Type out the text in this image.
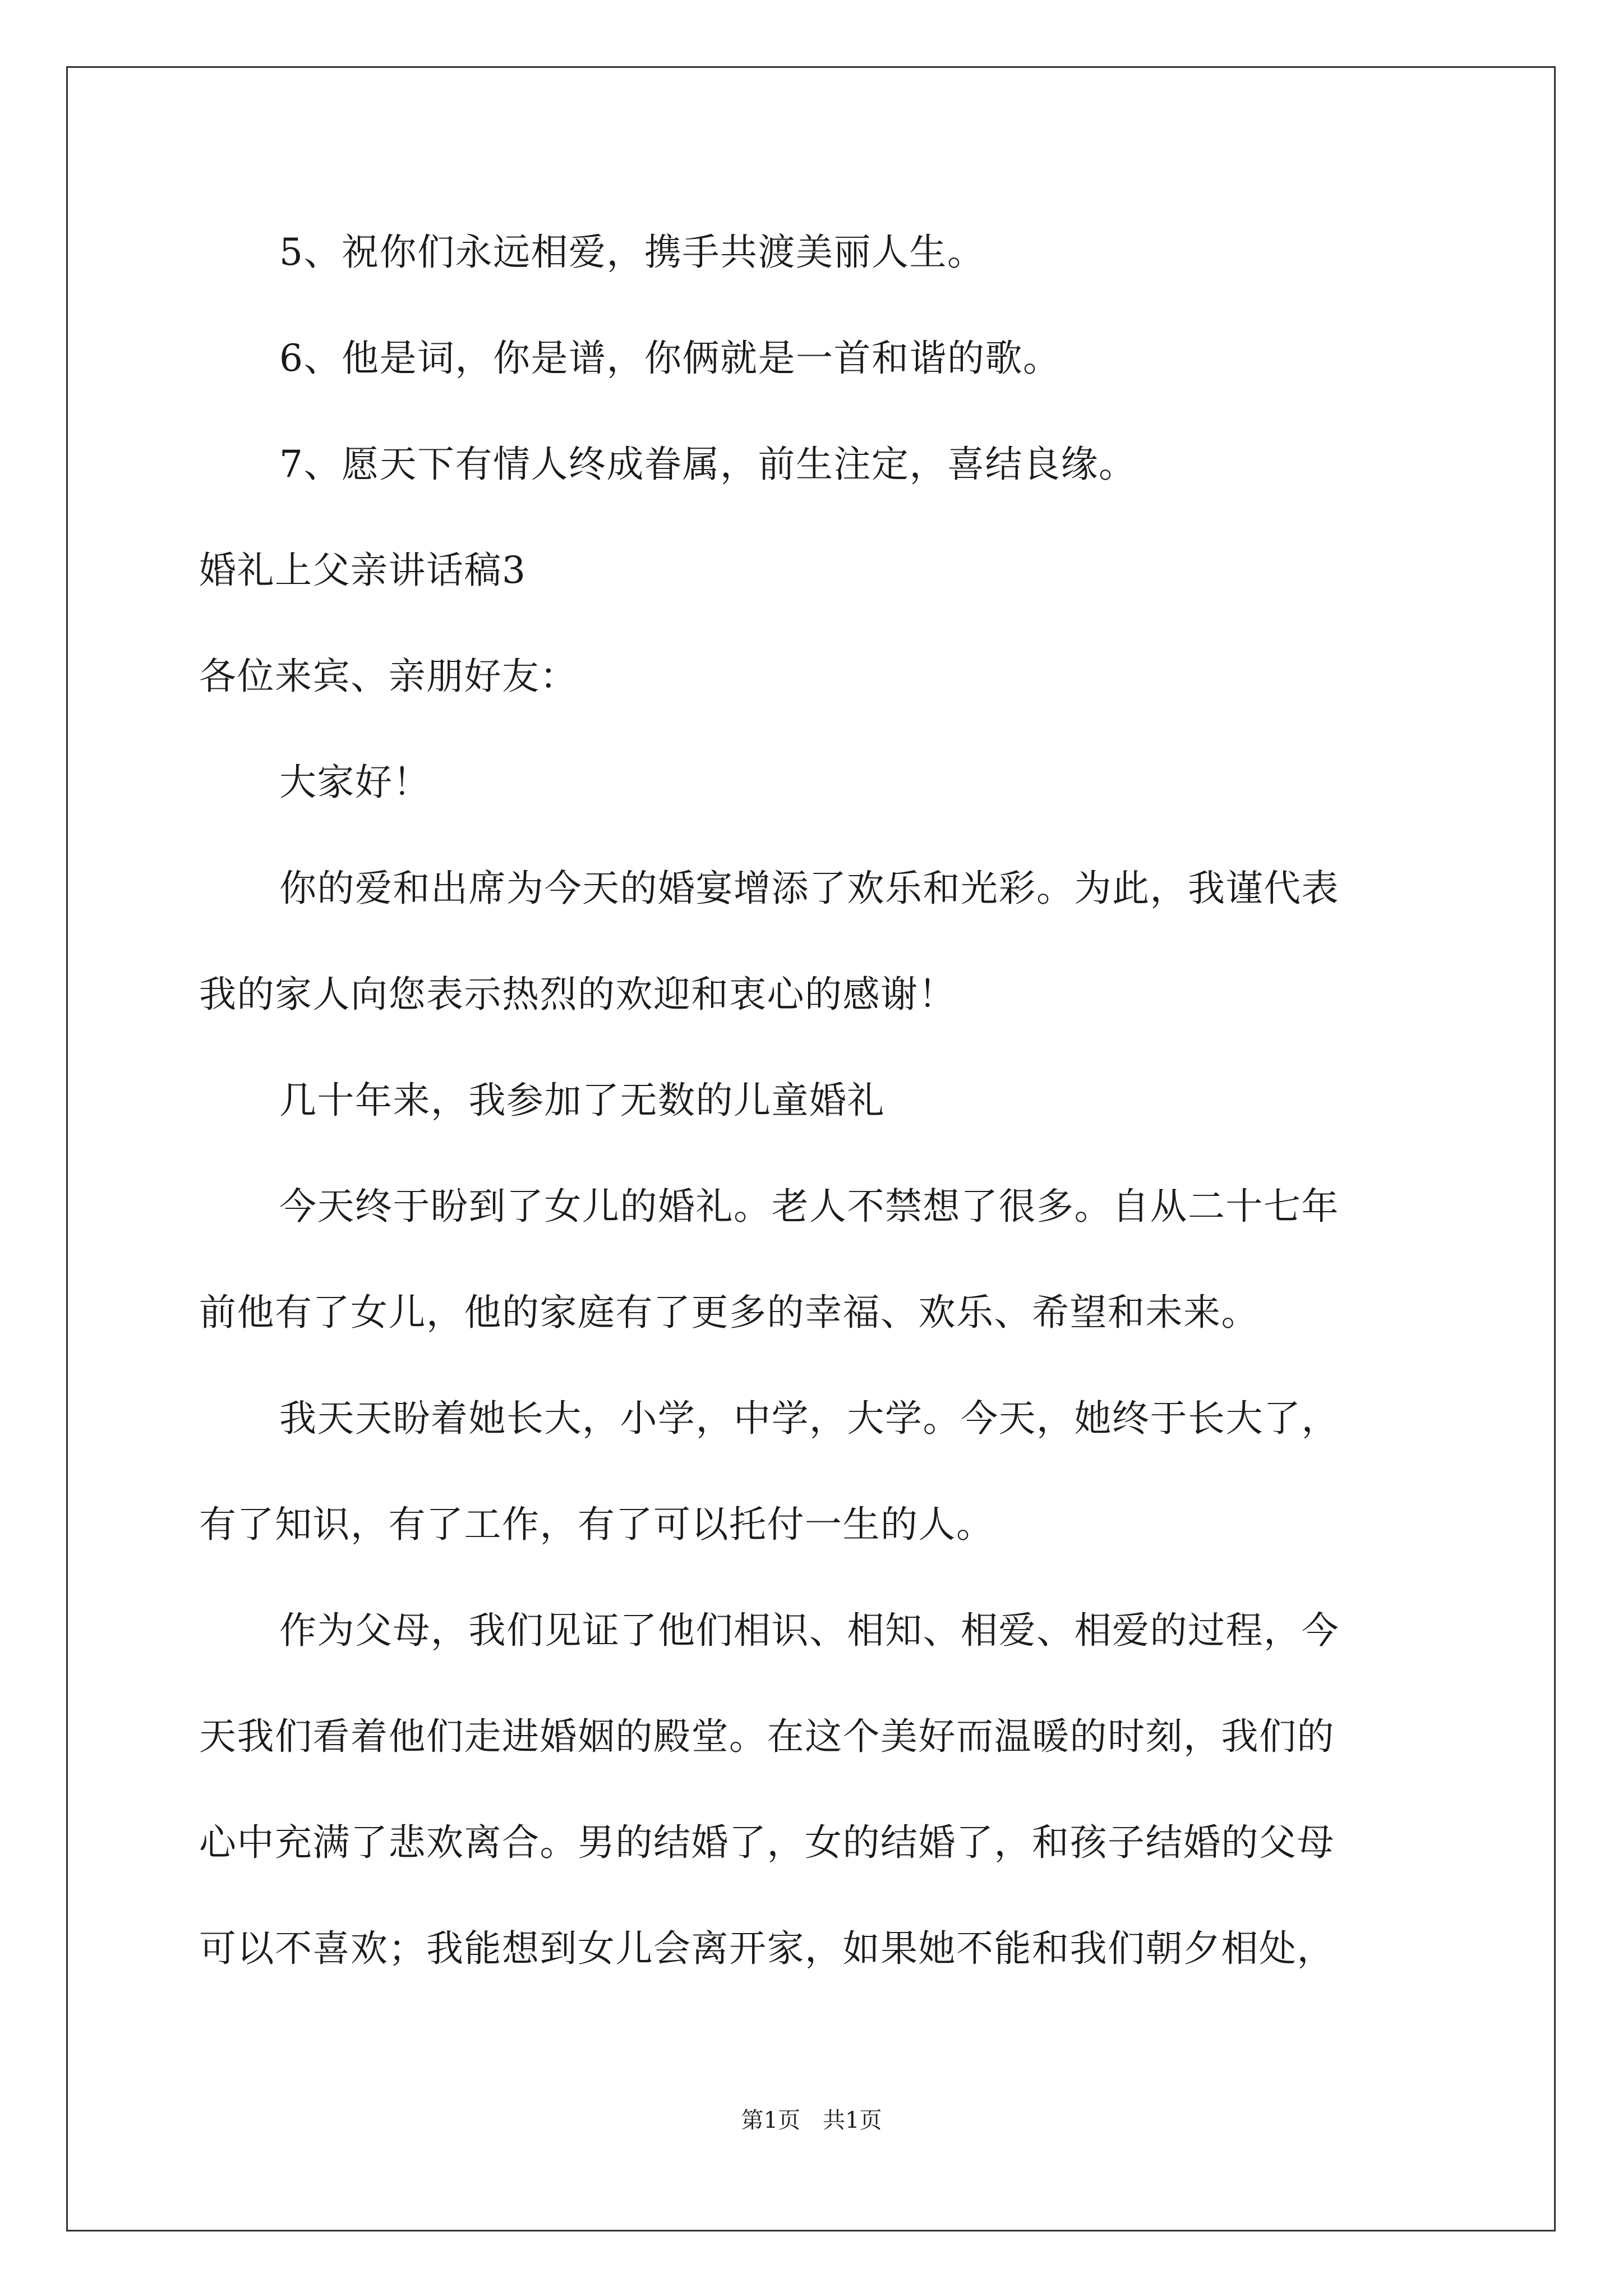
5、祝你们永远相爱，携手共渡美丽人生。

6、他是词，你是谱，你俩就是一首和谐的歌。

7、愿天下有情人终成眷属，前生注定，喜结良缘。

婚礼上父亲讲话稿3

各位来宾、亲朋好友：

大家好！

你的爱和出席为今天的婚宴增添了欢乐和光彩。为此，我谨代表

我的家人向您表示热烈的欢迎和衷心的感谢！

几十年来，我参加了无数的儿童婚礼

今天终于盼到了女儿的婚礼。老人不禁想了很多。自从二十七年

前他有了女儿，他的家庭有了更多的幸福、欢乐、希望和未来。

我天天盼着她长大，小学，中学，大学。今天，她终于长大了，

有了知识，有了工作，有了可以托付一生的人。

作为父母，我们见证了他们相识、相知、相爱、相爱的过程，今

天我们看着他们走进婚姻的殿堂。在这个美好而温暖的时刻，我们的

心中充满了悲欢离合。男的结婚了，女的结婚了，和孩子结婚的父母

可以不喜欢；我能想到女儿会离开家，如果她不能和我们朝夕相处，

第1页　共1页
